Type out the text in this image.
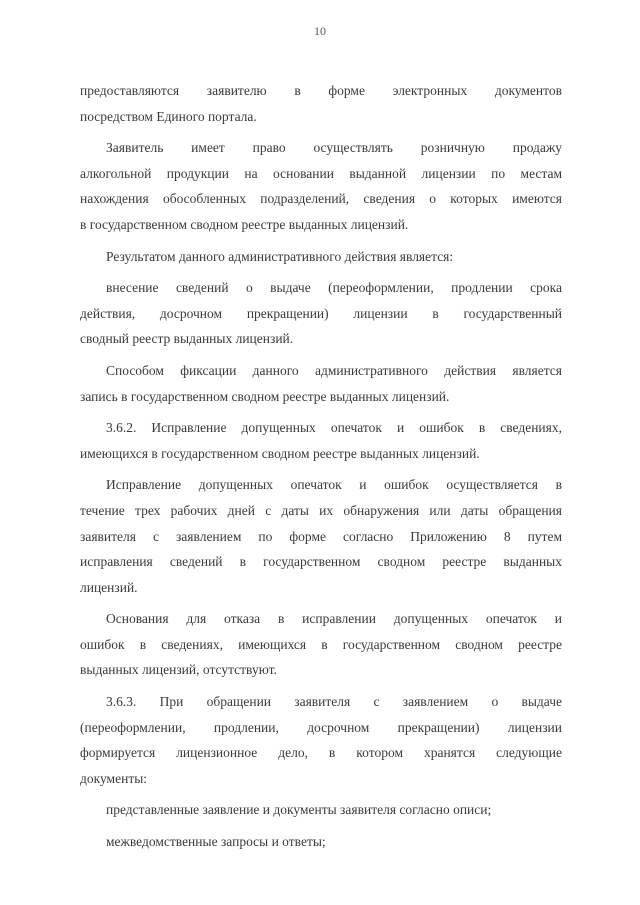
10
предоставляются заявителю в форме электронных документов
посредством Единого портала.
Заявитель имеет право осуществлять розничную продажу
алкогольной продукции на основании выданной лицензии по местам
нахождения обособленных подразделений, сведения о которых имеются
в государственном сводном реестре выданных лицензий.
Результатом данного административного действия является:
внесение сведений о выдаче (переоформлении, продлении срока
действия, досрочном прекращении) лицензии в государственный
сводный реестр выданных лицензий.
Способом фиксации данного административного действия является
запись в государственном сводном реестре выданных лицензий.
3.6.2. Исправление допущенных опечаток и ошибок в сведениях,
имеющихся в государственном сводном реестре выданных лицензий.
Исправление допущенных опечаток и ошибок осуществляется в
течение трех рабочих дней с даты их обнаружения или даты обращения
заявителя с заявлением по форме согласно Приложению 8 путем
исправления сведений в государственном сводном реестре выданных
лицензий.
Основания для отказа в исправлении допущенных опечаток и
ошибок в сведениях, имеющихся в государственном сводном реестре
выданных лицензий, отсутствуют.
3.6.3. При обращении заявителя с заявлением о выдаче
(переоформлении, продлении, досрочном прекращении) лицензии
формируется лицензионное дело, в котором хранятся следующие
документы:
представленные заявление и документы заявителя согласно описи;
межведомственные запросы и ответы;
